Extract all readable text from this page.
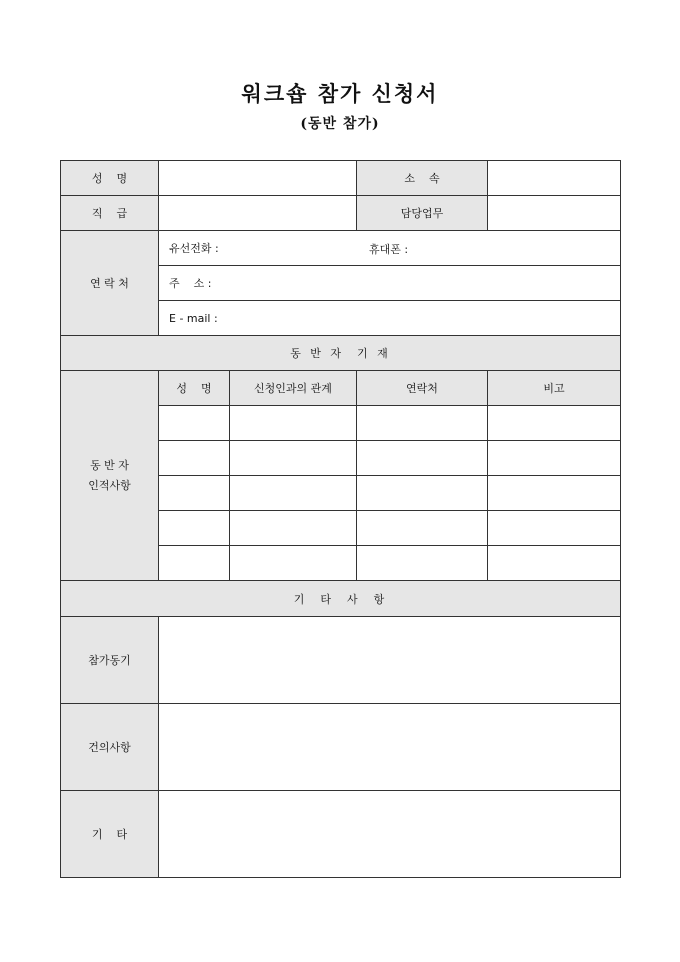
워크숍 참가 신청서
(동반 참가)
성    명			소    속	
직    급			담당업무	
연 락 처	유선전화 : 휴대폰 :			

	주    소 :			
	E - mail :			
동 반 자  기 재				

동 반 자
인적사항	성    명	신청인과의 관계	연락처	비고

기  타  사  항				
참가동기				
건의사항				
기    타				
